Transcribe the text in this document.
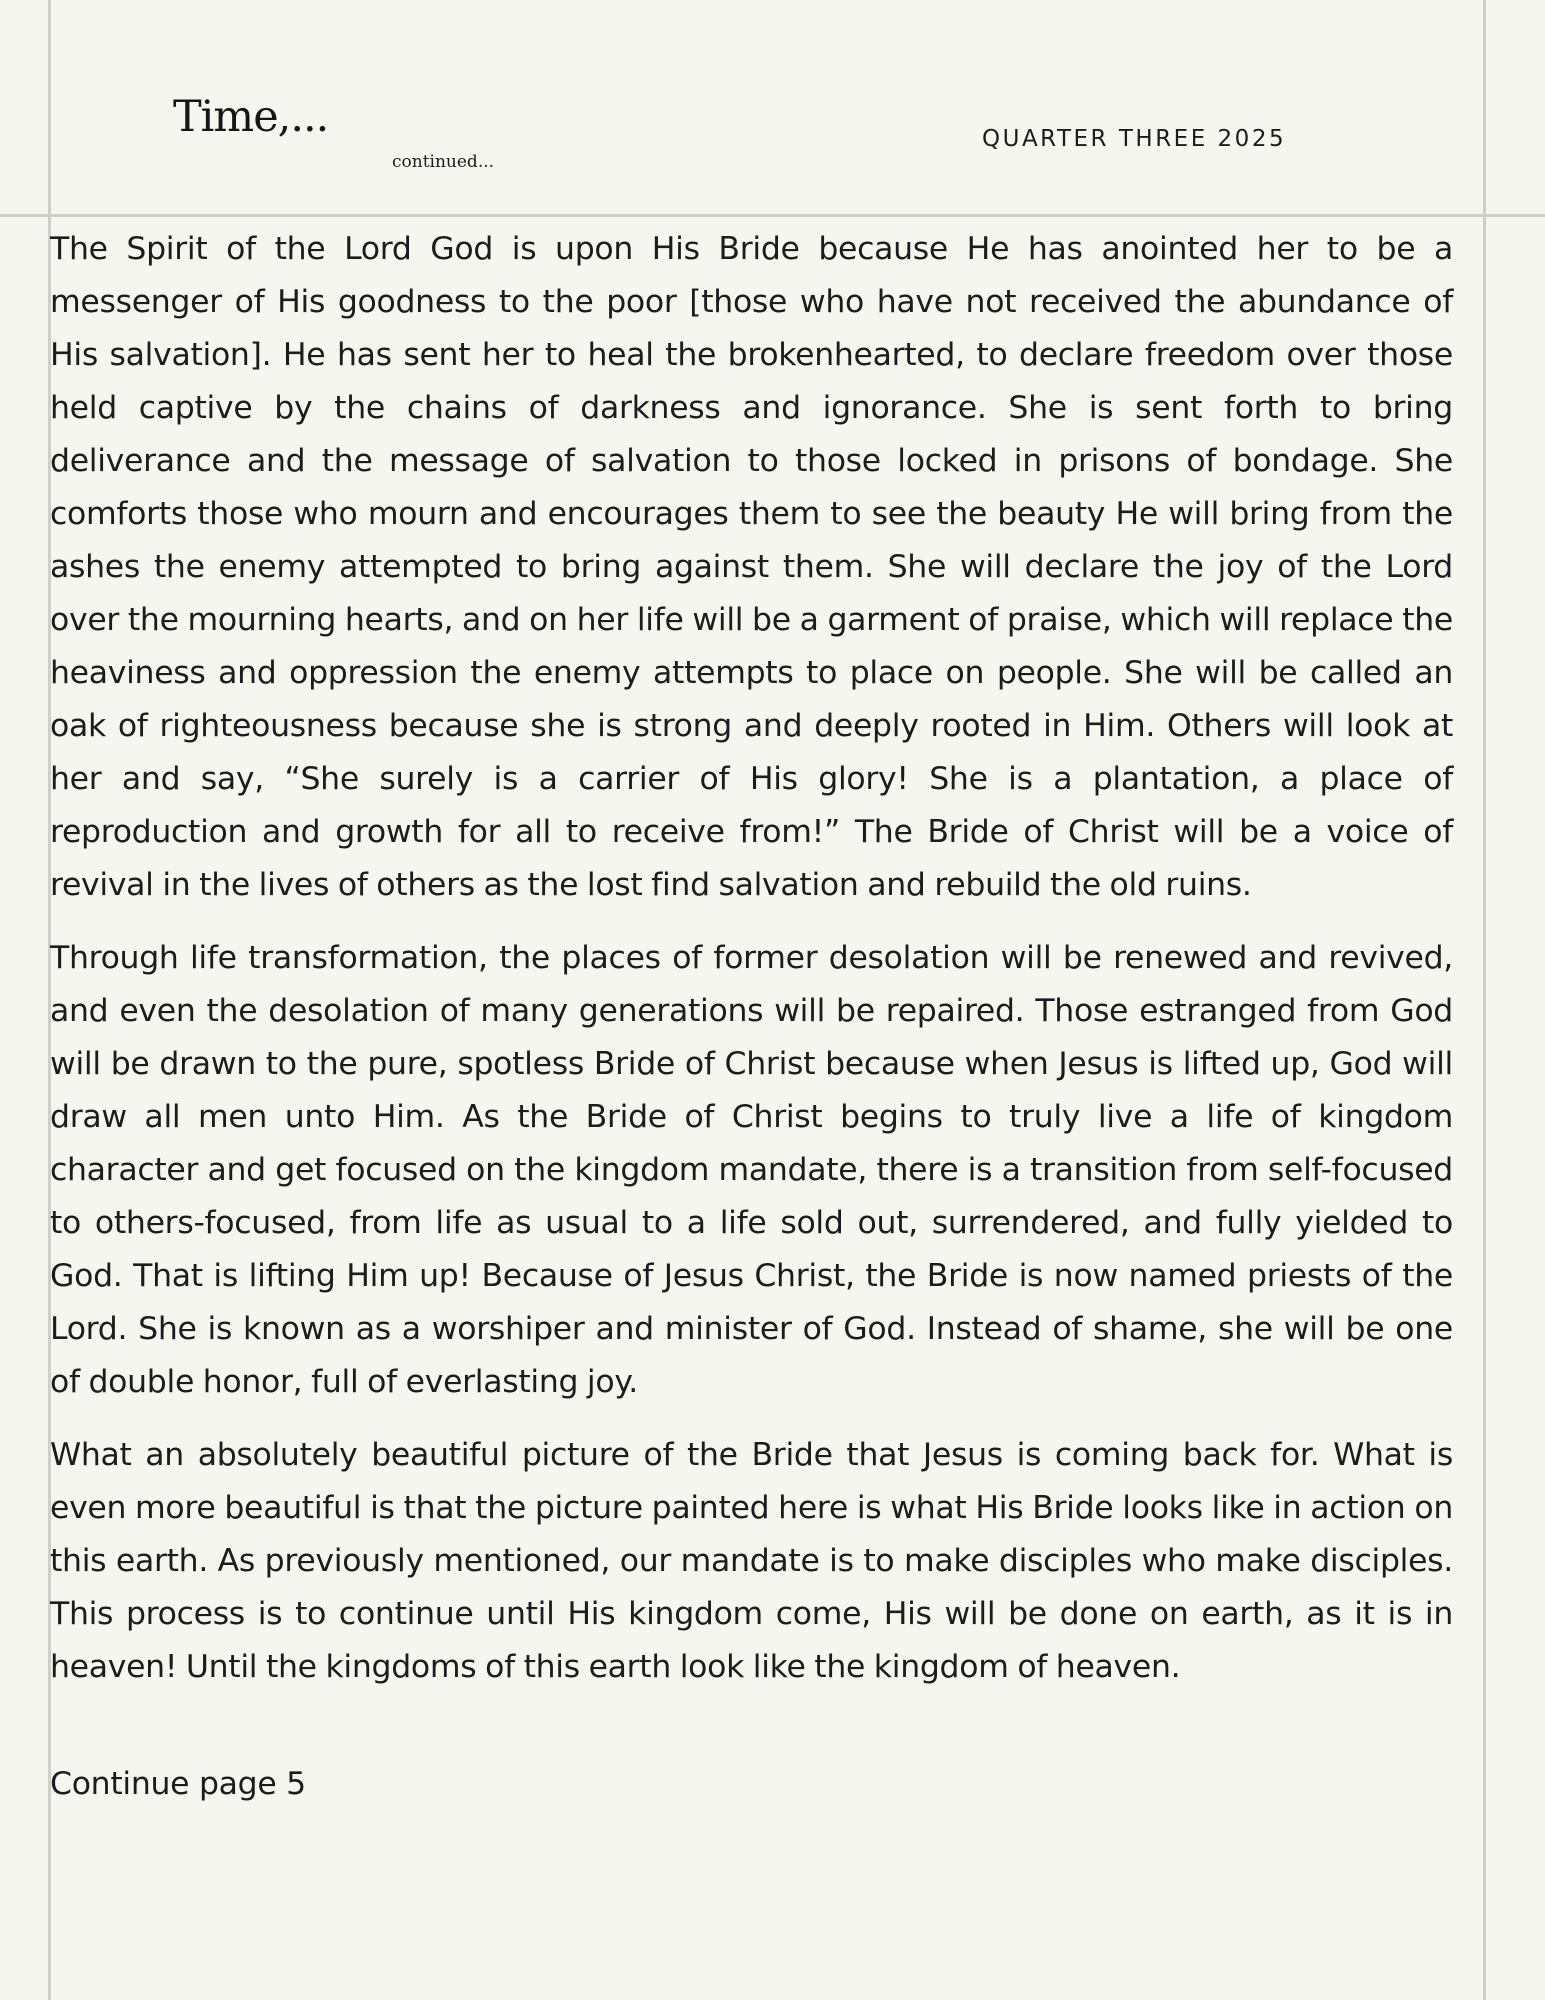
Time,...
continued...
QUARTER THREE 2025

The Spirit of the Lord God is upon His Bride because He has anointed her to be a messenger of His goodness to the poor [those who have not received the abundance of His salvation]. He has sent her to heal the brokenhearted, to declare freedom over those held captive by the chains of darkness and ignorance. She is sent forth to bring deliverance and the message of salvation to those locked in prisons of bondage. She comforts those who mourn and encourages them to see the beauty He will bring from the ashes the enemy attempted to bring against them. She will declare the joy of the Lord over the mourning hearts, and on her life will be a garment of praise, which will replace the heaviness and oppression the enemy attempts to place on people. She will be called an oak of righteousness because she is strong and deeply rooted in Him. Others will look at her and say, “She surely is a carrier of His glory! She is a plantation, a place of reproduction and growth for all to receive from!” The Bride of Christ will be a voice of revival in the lives of others as the lost find salvation and rebuild the old ruins.

Through life transformation, the places of former desolation will be renewed and revived, and even the desolation of many generations will be repaired. Those estranged from God will be drawn to the pure, spotless Bride of Christ because when Jesus is lifted up, God will draw all men unto Him. As the Bride of Christ begins to truly live a life of kingdom character and get focused on the kingdom mandate, there is a transition from self-focused to others-focused, from life as usual to a life sold out, surrendered, and fully yielded to God. That is lifting Him up! Because of Jesus Christ, the Bride is now named priests of the Lord. She is known as a worshiper and minister of God. Instead of shame, she will be one of double honor, full of everlasting joy.

What an absolutely beautiful picture of the Bride that Jesus is coming back for. What is even more beautiful is that the picture painted here is what His Bride looks like in action on this earth. As previously mentioned, our mandate is to make disciples who make disciples. This process is to continue until His kingdom come, His will be done on earth, as it is in heaven! Until the kingdoms of this earth look like the kingdom of heaven.

Continue page 5
